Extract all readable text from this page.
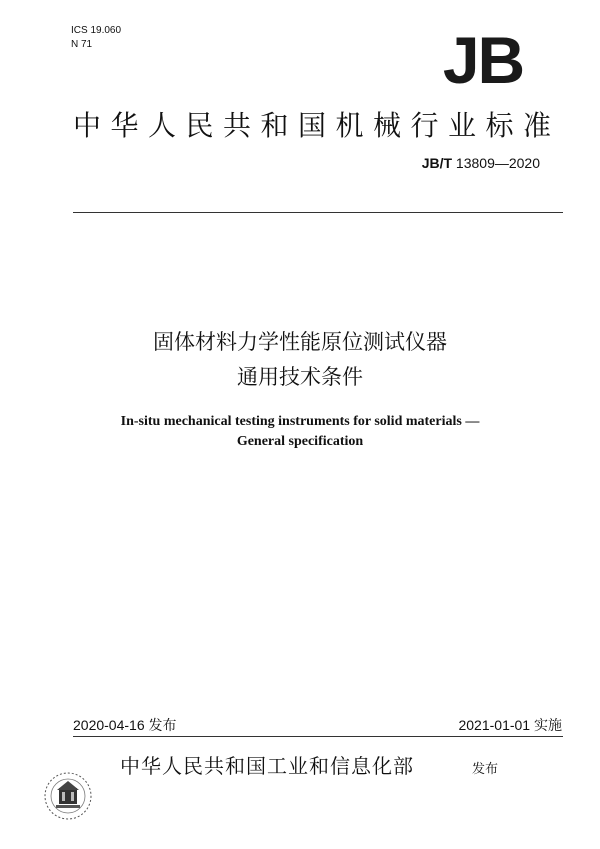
ICS 19.060
N 71	JB
中华人民共和国机械行业标准
JB/T 13809—2020
固体材料力学性能原位测试仪器
通用技术条件
In-situ mechanical testing instruments for solid materials —
General specification
2020-04-16 发布	2021-01-01 实施
中华人民共和国工业和信息化部	发布
